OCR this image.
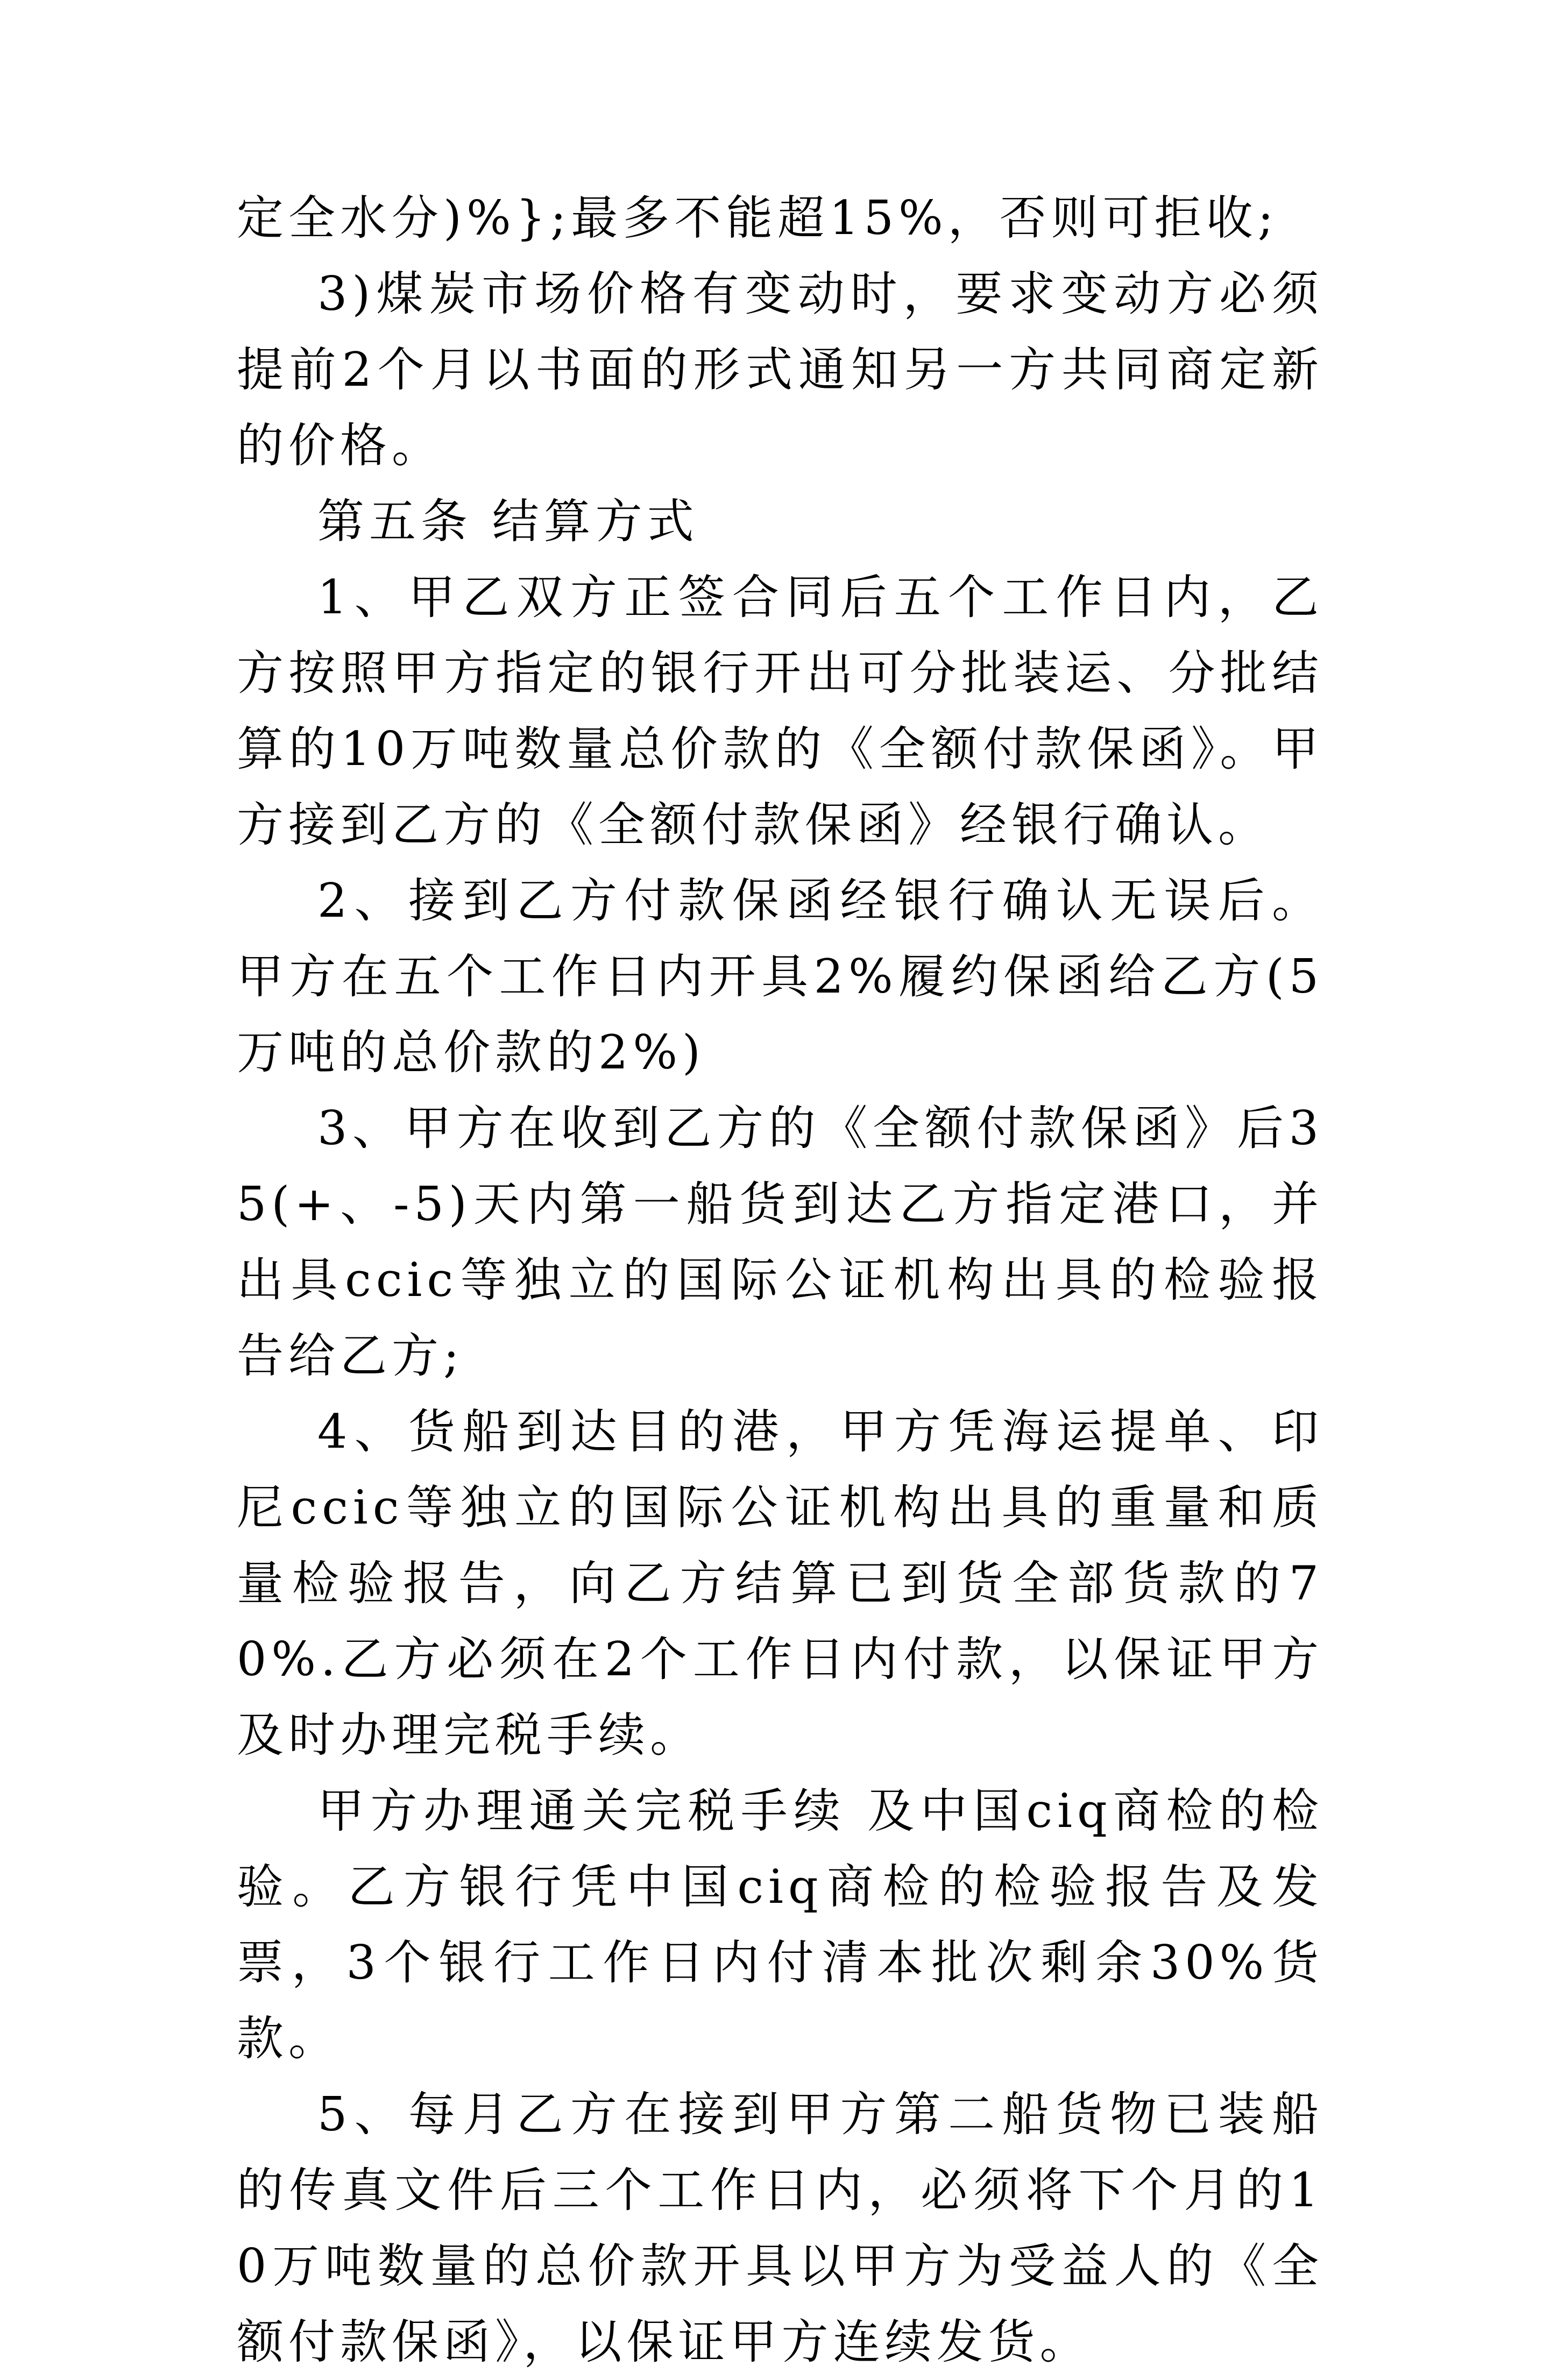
定全水分)%};最多不能超15%，否则可拒收;

3)煤炭市场价格有变动时，要求变动方必须提前2个月以书面的形式通知另一方共同商定新的价格。

第五条 结算方式

1、甲乙双方正签合同后五个工作日内，乙方按照甲方指定的银行开出可分批装运、分批结算的10万吨数量总价款的《全额付款保函》。甲方接到乙方的《全额付款保函》经银行确认。

2、接到乙方付款保函经银行确认无误后。甲方在五个工作日内开具2%履约保函给乙方(5万吨的总价款的2%)

3、甲方在收到乙方的《全额付款保函》后35(+、-5)天内第一船货到达乙方指定港口，并出具ccic等独立的国际公证机构出具的检验报告给乙方;

4、货船到达目的港，甲方凭海运提单、印尼ccic等独立的国际公证机构出具的重量和质量检验报告，向乙方结算已到货全部货款的70%.乙方必须在2个工作日内付款，以保证甲方及时办理完税手续。

甲方办理通关完税手续 及中国ciq商检的检验。乙方银行凭中国ciq商检的检验报告及发票，3个银行工作日内付清本批次剩余30%货款。

5、每月乙方在接到甲方第二船货物已装船的传真文件后三个工作日内，必须将下个月的10万吨数量的总价款开具以甲方为受益人的《全额付款保函》，以保证甲方连续发货。
